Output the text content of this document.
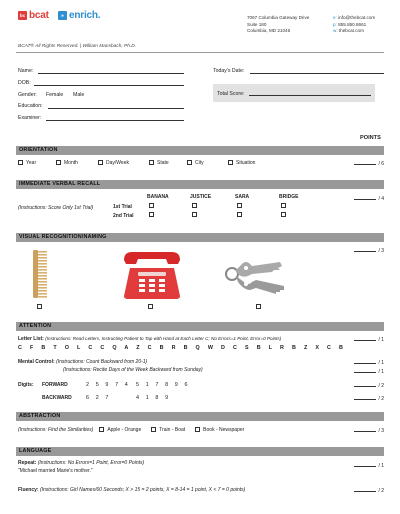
bc bcat	e enrich.	7067 Columbia Gateway Drive
Suite 180
Columbia, MD 21046
e: info@thebcat.com
p: 855.850.8661
w: thebcat.com
BCAT® All Rights Reserved. | William Mansbach, Ph.D.
Name:
DOB:
Gender: Female Male
Education:
Examiner:
Today's Date:
Total Score:
POINTS
ORIENTATION
Year	Month	Day/Week	State	City	Situation	/ 6
IMMEDIATE VERBAL RECALL
BANANA	JUSTICE	SARA	BRIDGE	/ 4
(Instructions: Score Only 1st Trial)	1st Trial
2nd Trial
VISUAL RECOGNITION/NAMING
/ 3
ATTENTION
Letter List: (Instructions: Read Letters, Instructing Patient to Tap with Hand at Each Letter C; No Errors=1 Point, Error=0 Points)	/ 1
C F B T O L C C Q A Z C B R B Q W D C S B L R B Z X C B
Mental Control: (Instructions: Count Backward from 20-1)
(Instructions: Recite Days of the Week Backward from Sunday)
/ 1
/ 1
Digits: FORWARD	2 5 9 7 4 5 1 7 8 9 6	/ 2
BACKWARD	6 2 7	4 1 8 9	/ 2
ABSTRACTION
(Instructions: Find the Similarities)	Apple - Orange	Train - Boat	Book - Newspaper	/ 3
LANGUAGE
Repeat: (Instructions: No Errors=1 Point, Error=0 Points)
"Michael married Marie's mother."
/ 1
Fluency: (Instructions: Girl Names/60 Seconds; X > 15 = 2 points, X = 8-14 = 1 point, X < 7 = 0 points)	/ 2
